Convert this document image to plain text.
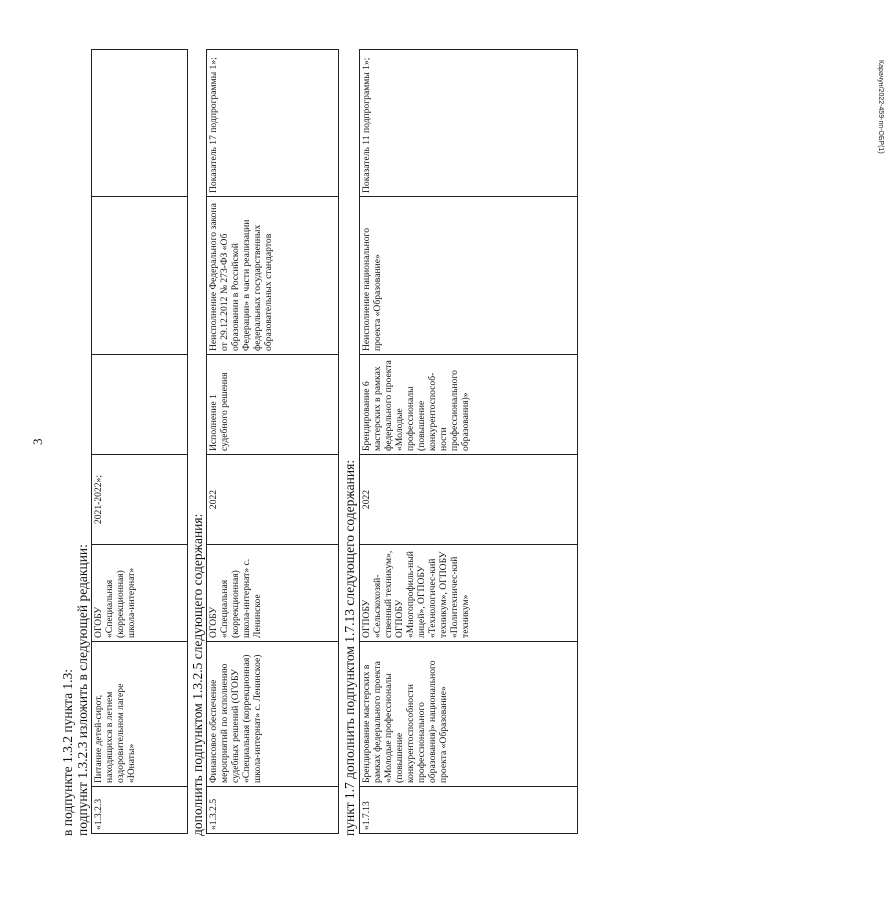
3
в подпункте 1.3.2 пункта 1.3: подпункт 1.3.2.3 изложить в следующей редакции: «1.3.2.3	Питание детей-сирот, находящихся в летнем оздоровительном лагере «Юнаты»	ОГОБУ «Специальная (коррекционная) школа-интернат»	2021-2022»;			
дополнить подпунктом 1.3.2.5 следующего содержания: «1.3.2.5	Финансовое обеспечение мероприятий по исполнению судебных решений (ОГОБУ «Специальная (коррекционная) школа-интернат» с. Ленинское)	ОГОБУ «Специальная (коррекционная) школа-интернат» с. Ленинское	2022	Исполнение 1 судебного решения	Неисполнение Федерального закона от 29.12.2012 № 273-ФЗ «Об образовании в Российской Федерации» в части реализации федеральных государственных образовательных стандартов	Показатель 17 подпрограммы 1»;
пункт 1.7 дополнить подпунктом 1.7.13 следующего содержания: «1.7.13	Брендирование мастерских в рамках федерального проекта «Молодые профессионалы (повышение конкурентоспособности профессионального образования)» национального проекта «Образование»	ОГПОБУ «Сельскохозяй-ственный техникум», ОГПОБУ «Многопрофиль-ный лицей», ОГПОБУ «Технологичес-кий техникум», ОГПОБУ «Политехничес-кий техникум»	2022	Брендирование 6 мастерских в рамках федерального проекта «Молодые профессионалы (повышение конкурентоспособ-ности профессионального образования)»	Неисполнение национального проекта «Образование»	Показатель 11 подпрограммы 1»;	Карачун/2022-459-пп-ОБР(1)
